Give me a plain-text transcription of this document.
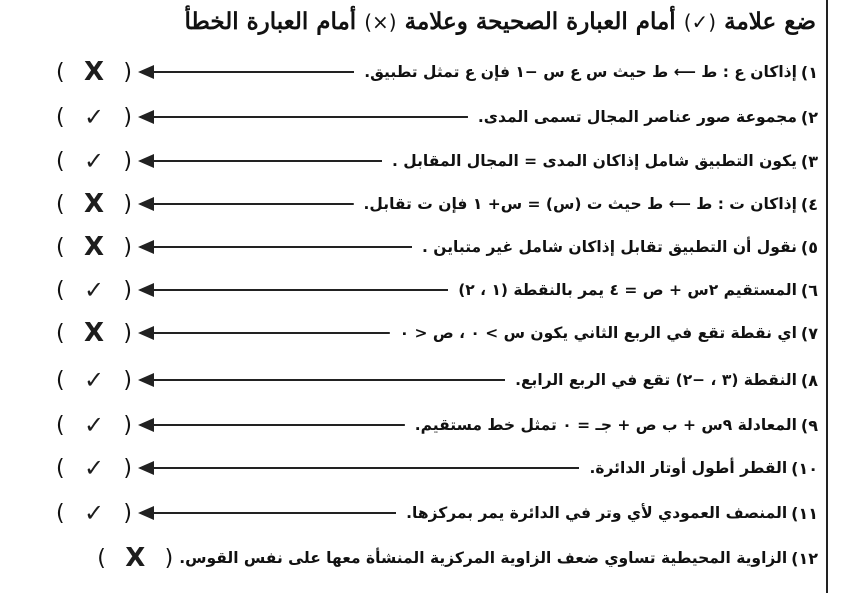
ضع علامة (✓) أمام العبارة الصحيحة وعلامة (×) أمام العبارة الخطأ
١)
إذاكان ع : ط ⟵ ط حيث س ع س −١ فإن ع تمثل تطبيق.
( X )
٢)
مجموعة صور عناصر المجال تسمى المدى.
( ✓ )
٣)
يكون التطبيق شامل إذاكان المدى = المجال المقابل .
( ✓ )
٤)
إذاكان ت : ط ⟵ ط حيث ت (س) = س+ ١ فإن ت تقابل.
( X )
٥)
نقول أن التطبيق تقابل إذاكان شامل غير متباين .
( X )
٦)
المستقيم ٢س + ص = ٤ يمر بالنقطة (١ ، ٢)
( ✓ )
٧)
اي نقطة تقع في الربع الثاني يكون س > ٠ ، ص < ٠
( X )
٨)
النقطة (٣ ، −٢) تقع في الربع الرابع.
( ✓ )
٩)
المعادلة ٩س + ب ص + جـ = ٠ تمثل خط مستقيم.
( ✓ )
١٠)
القطر أطول أوتار الدائرة.
( ✓ )
١١)
المنصف العمودي لأي وتر في الدائرة يمر بمركزها.
( ✓ )
١٢)
الزاوية المحيطية تساوي ضعف الزاوية المركزية المنشأة معها على نفس القوس.
( X )
